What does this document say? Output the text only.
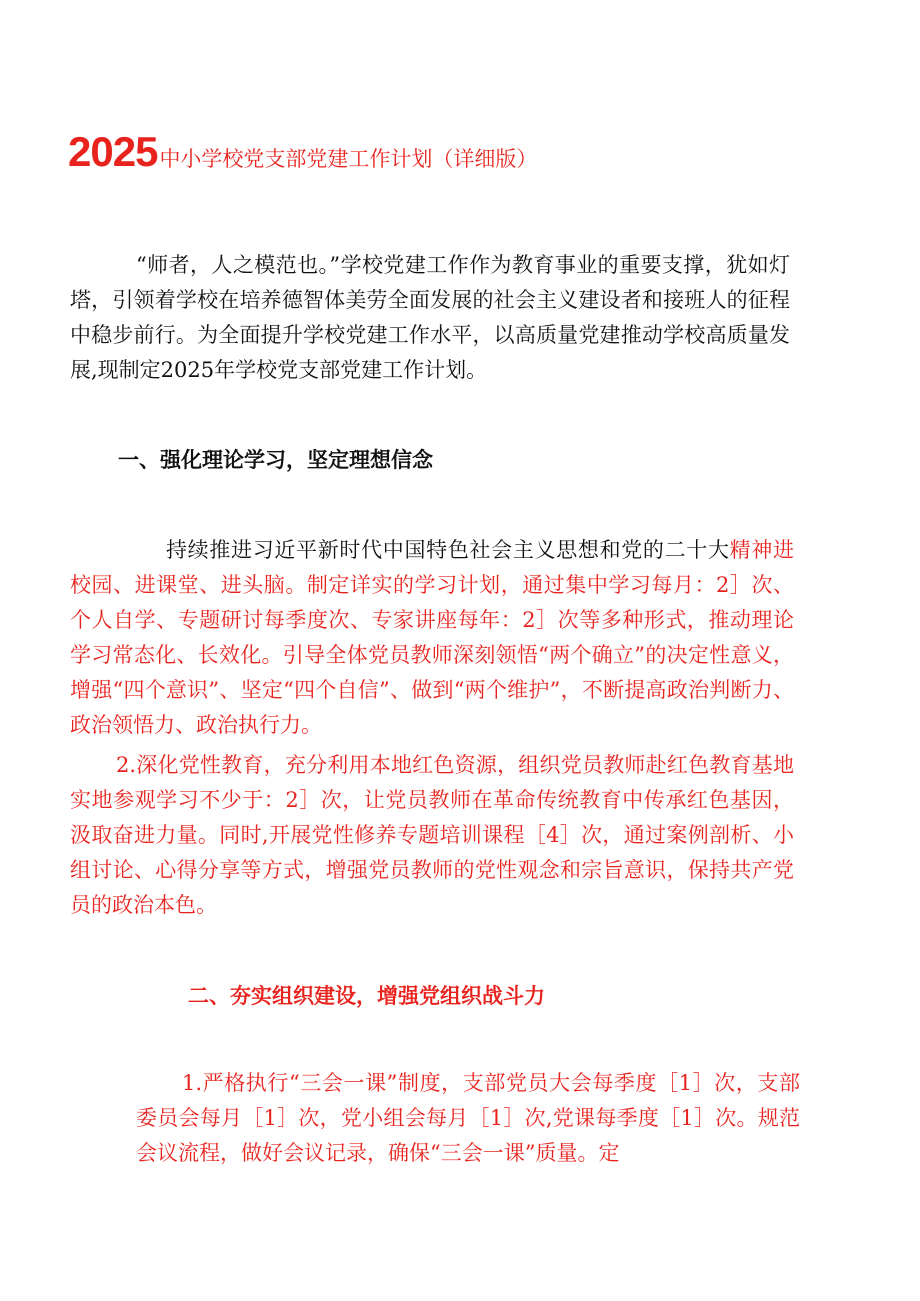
2025中小学校党支部党建工作计划（详细版）

“师者，人之模范也。”学校党建工作作为教育事业的重要支撑，犹如灯塔，引领着学校在培养德智体美劳全面发展的社会主义建设者和接班人的征程中稳步前行。为全面提升学校党建工作水平，以高质量党建推动学校高质量发展,现制定2025年学校党支部党建工作计划。

一、强化理论学习，坚定理想信念

持续推进习近平新时代中国特色社会主义思想和党的二十大精神进校园、进课堂、进头脑。制定详实的学习计划，通过集中学习每月：2］次、个人自学、专题研讨每季度次、专家讲座每年：2］次等多种形式，推动理论学习常态化、长效化。引导全体党员教师深刻领悟“两个确立”的决定性意义，增强“四个意识”、坚定“四个自信”、做到“两个维护”，不断提高政治判断力、政治领悟力、政治执行力。

2.深化党性教育，充分利用本地红色资源，组织党员教师赴红色教育基地实地参观学习不少于：2］次，让党员教师在革命传统教育中传承红色基因，汲取奋进力量。同时,开展党性修养专题培训课程［4］次，通过案例剖析、小组讨论、心得分享等方式，增强党员教师的党性观念和宗旨意识，保持共产党员的政治本色。

二、夯实组织建设，增强党组织战斗力

1.严格执行“三会一课”制度，支部党员大会每季度［1］次，支部委员会每月［1］次，党小组会每月［1］次,党课每季度［1］次。规范会议流程，做好会议记录，确保“三会一课”质量。定
